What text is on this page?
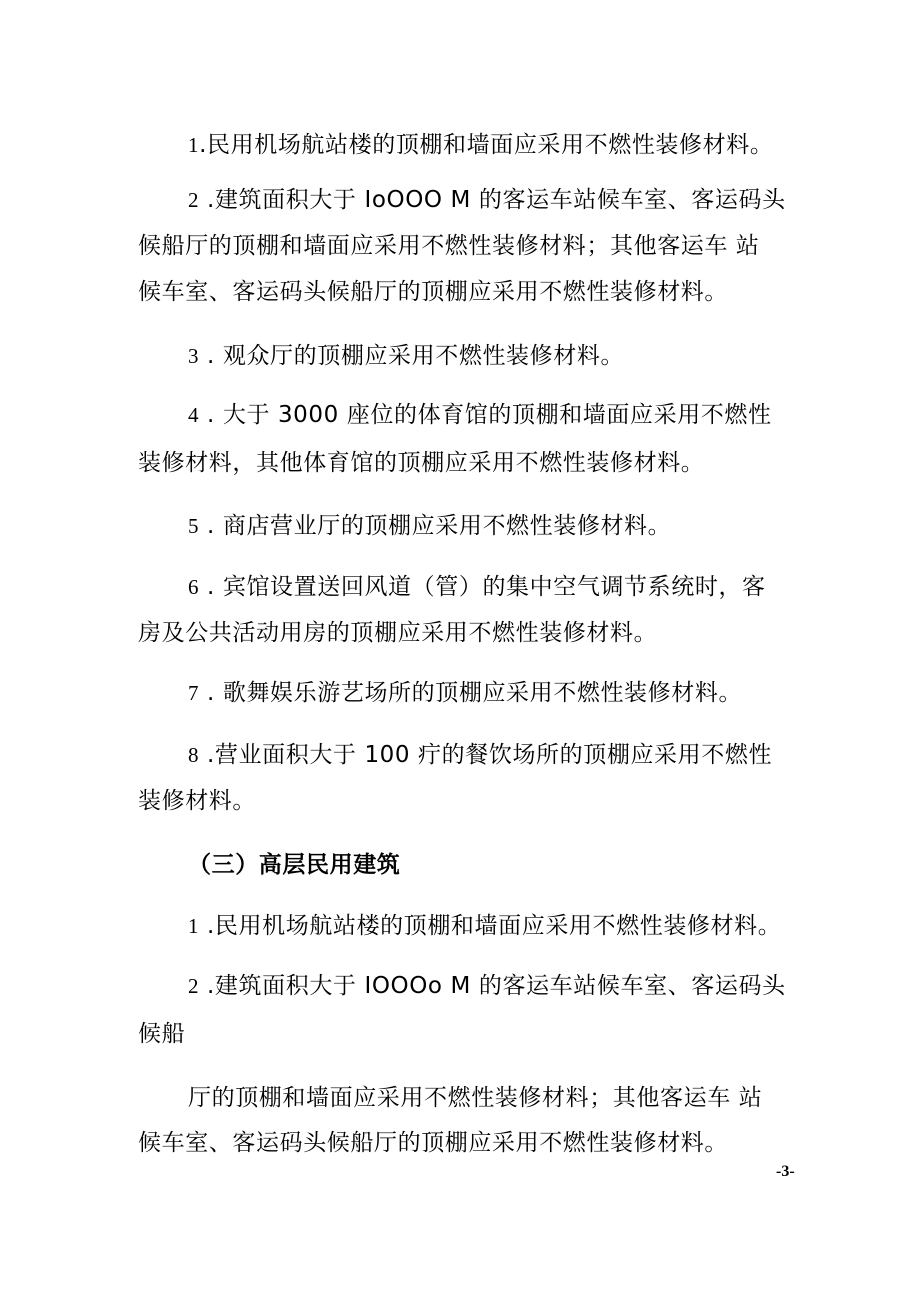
1.民用机场航站楼的顶棚和墙面应采用不燃性装修材料。
2 .建筑面积大于 IoOOO M 的客运车站候车室、客运码头
候船厅的顶棚和墙面应采用不燃性装修材料；其他客运车 站
候车室、客运码头候船厅的顶棚应采用不燃性装修材料。
3 . 观众厅的顶棚应采用不燃性装修材料。
4 . 大于 3000 座位的体育馆的顶棚和墙面应采用不燃性
装修材料，其他体育馆的顶棚应采用不燃性装修材料。
5 . 商店营业厅的顶棚应采用不燃性装修材料。
6 . 宾馆设置送回风道（管）的集中空气调节系统时，客
房及公共活动用房的顶棚应采用不燃性装修材料。
7 . 歌舞娱乐游艺场所的顶棚应采用不燃性装修材料。
8 .营业面积大于 100 疔的餐饮场所的顶棚应采用不燃性
装修材料。
（三）高层民用建筑
1 .民用机场航站楼的顶棚和墙面应采用不燃性装修材料。
2 .建筑面积大于 IOOOo M 的客运车站候车室、客运码头
候船
厅的顶棚和墙面应采用不燃性装修材料；其他客运车 站
候车室、客运码头候船厅的顶棚应采用不燃性装修材料。
-3-
